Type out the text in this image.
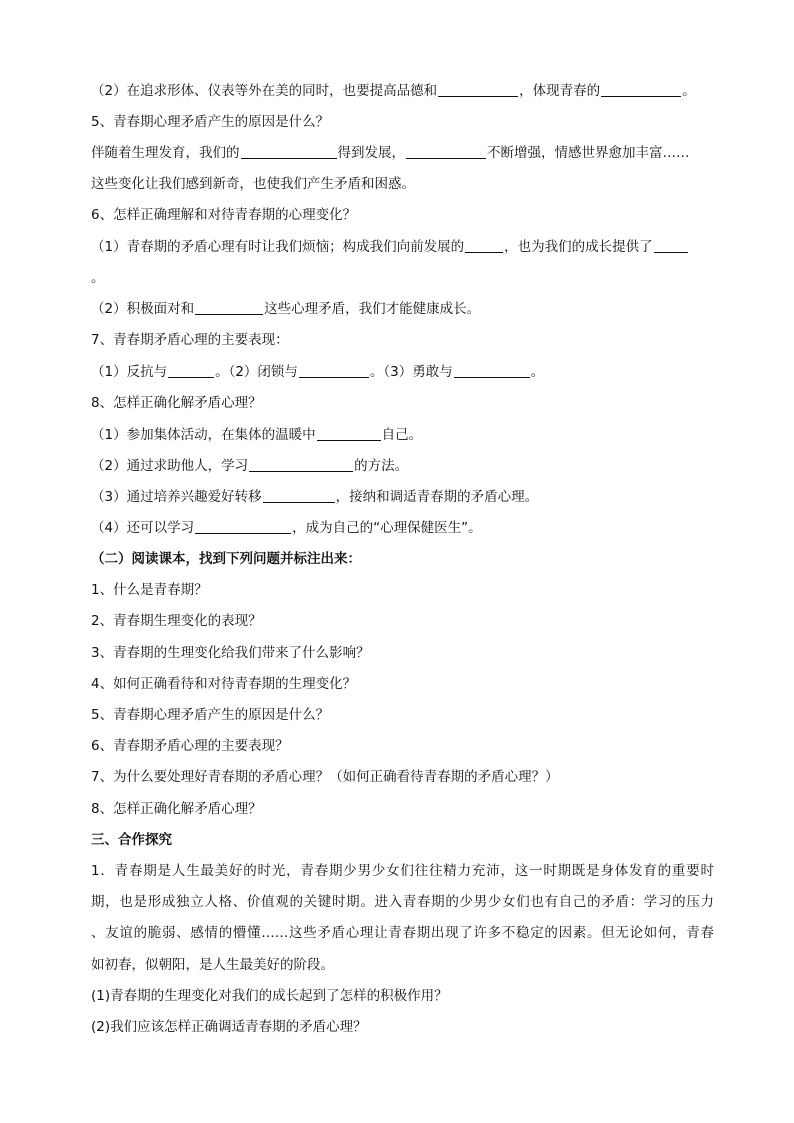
（2）在追求形体、仪表等外在美的同时，也要提高品德和	，体现青春的	。
5、青春期心理矛盾产生的原因是什么？
伴随着生理发育，我们的	得到发展，	不断增强，情感世界愈加丰富……
这些变化让我们感到新奇，也使我们产生矛盾和困惑。
6、怎样正确理解和对待青春期的心理变化？
（1）青春期的矛盾心理有时让我们烦恼；构成我们向前发展的	，也为我们的成长提供了
。
（2）积极面对和	这些心理矛盾，我们才能健康成长。
7、青春期矛盾心理的主要表现：
（1）反抗与	。（2）闭锁与	。（3）勇敢与	。
8、怎样正确化解矛盾心理？
（1）参加集体活动，在集体的温暖中	自己。
（2）通过求助他人，学习	的方法。
（3）通过培养兴趣爱好转移	，接纳和调适青春期的矛盾心理。
（4）还可以学习	，成为自己的“心理保健医生”。
（二）阅读课本，找到下列问题并标注出来：
1、什么是青春期？
2、青春期生理变化的表现？
3、青春期的生理变化给我们带来了什么影响？
4、如何正确看待和对待青春期的生理变化？
5、青春期心理矛盾产生的原因是什么？
6、青春期矛盾心理的主要表现？
7、为什么要处理好青春期的矛盾心理？（如何正确看待青春期的矛盾心理？）
8、怎样正确化解矛盾心理？
三、合作探究
1．青春期是人生最美好的时光，青春期少男少女们往往精力充沛，这一时期既是身体发育的重要时
期，也是形成独立人格、价值观的关键时期。进入青春期的少男少女们也有自己的矛盾：学习的压力
、友谊的脆弱、感情的懵懂……这些矛盾心理让青春期出现了许多不稳定的因素。但无论如何，青春
如初春，似朝阳，是人生最美好的阶段。
(1)青春期的生理变化对我们的成长起到了怎样的积极作用？
(2)我们应该怎样正确调适青春期的矛盾心理？
